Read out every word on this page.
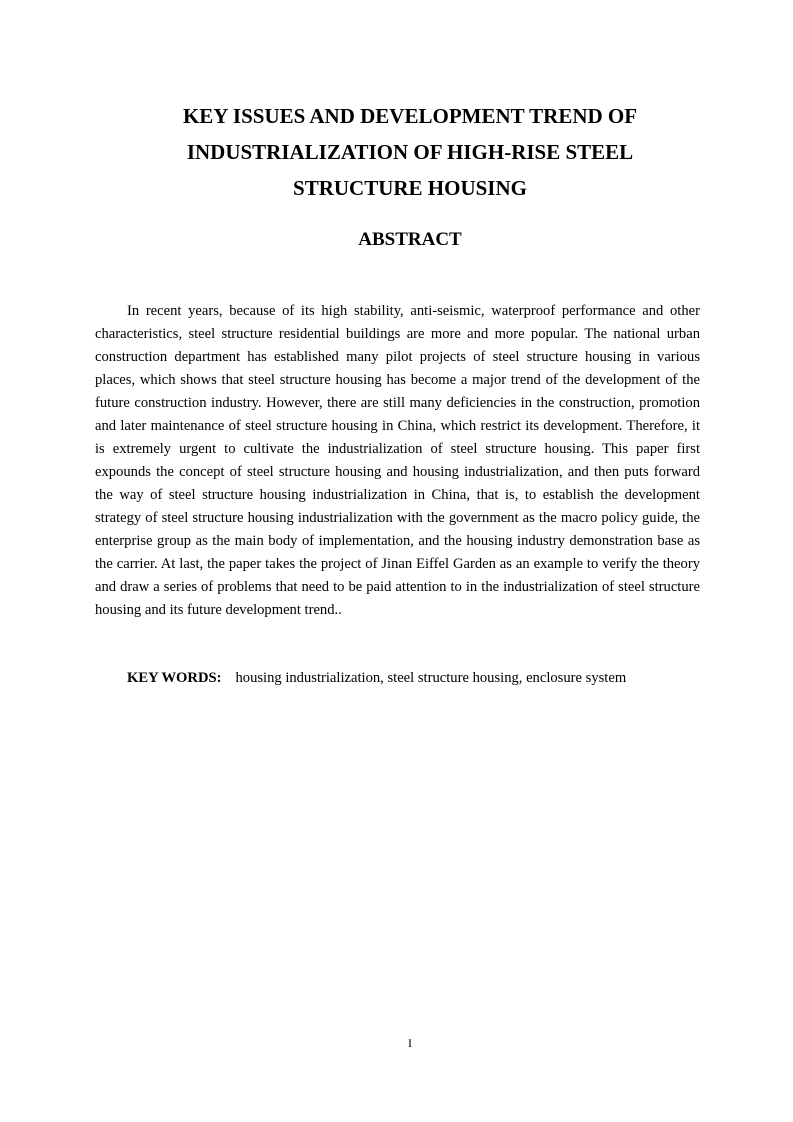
KEY ISSUES AND DEVELOPMENT TREND OF
INDUSTRIALIZATION OF HIGH-RISE STEEL
STRUCTURE HOUSING
ABSTRACT

In recent years, because of its high stability, anti-seismic, waterproof performance and other characteristics, steel structure residential buildings are more and more popular. The national urban construction department has established many pilot projects of steel structure housing in various places, which shows that steel structure housing has become a major trend of the development of the future construction industry. However, there are still many deficiencies in the construction, promotion and later maintenance of steel structure housing in China, which restrict its development. Therefore, it is extremely urgent to cultivate the industrialization of steel structure housing. This paper first expounds the concept of steel structure housing and housing industrialization, and then puts forward the way of steel structure housing industrialization in China, that is, to establish the development strategy of steel structure housing industrialization with the government as the macro policy guide, the enterprise group as the main body of implementation, and the housing industry demonstration base as the carrier. At last, the paper takes the project of Jinan Eiffel Garden as an example to verify the theory and draw a series of problems that need to be paid attention to in the industrialization of steel structure housing and its future development trend..

KEY WORDS: housing industrialization, steel structure housing, enclosure system

I
